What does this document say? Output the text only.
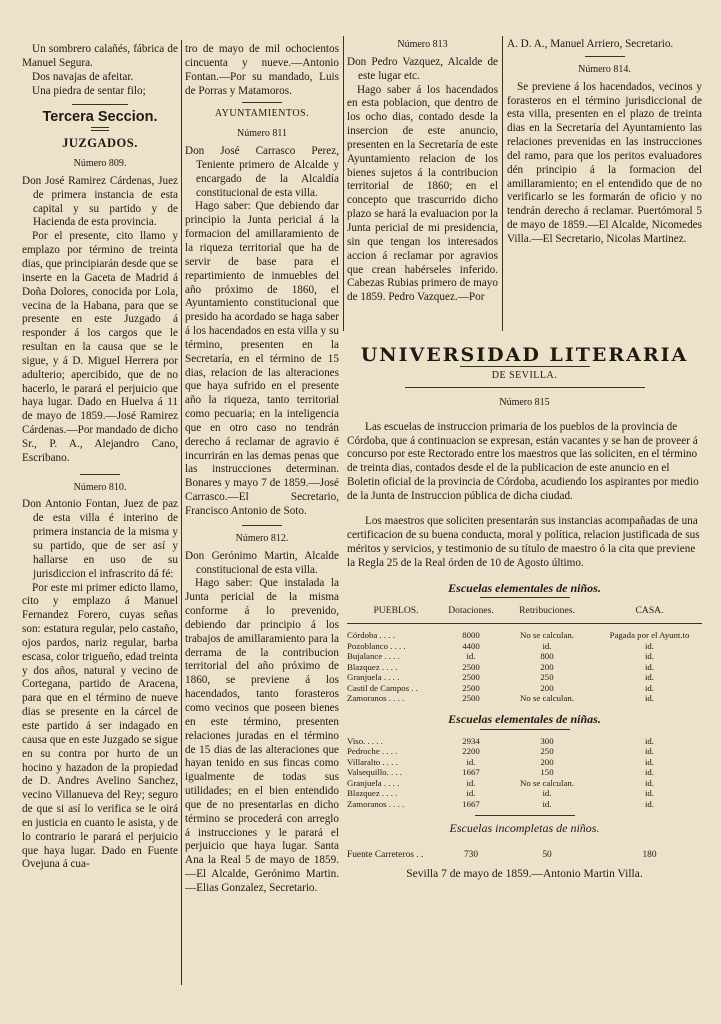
Un sombrero calañés, fábrica de Manuel Segura.

Dos navajas de afeitar.

Una piedra de sentar filo;

Tercera Seccion.
JUZGADOS.
Número 809.

Don José Ramirez Cárdenas, Juez de primera instancia de esta capital y su partido y de Hacienda de esta provincia.

Por el presente, cito llamo y emplazo por término de treinta dias, que principiarán desde que se inserte en la Gaceta de Madrid á Doña Dolores, conocida por Lola, vecina de la Habana, para que se presente en este Juzgado á responder á los cargos que le resultan en la causa que se le sigue, y á D. Miguel Herrera por adulterio; apercibido, que de no hacerlo, le parará el perjuicio que haya lugar. Dado en Huelva á 11 de mayo de 1859.—José Ramirez Cárdenas.—Por mandado de dicho Sr., P. A., Alejandro Cano, Escribano.

Número 810.

Don Antonio Fontan, Juez de paz de esta villa é interino de primera instancia de la misma y su partido, que de ser así y hallarse en uso de su jurisdiccion el infrascrito dá fé:

Por este mi primer edicto llamo, cito y emplazo á Manuel Fernandez Forero, cuyas señas son: estatura regular, pelo castaño, ojos pardos, nariz regular, barba escasa, color trigueño, edad treinta y dos años, natural y vecino de Cortegana, partido de Aracena, para que en el término de nueve dias se presente en la cárcel de este partido á ser indagado en causa que en este Juzgado se sigue en su contra por hurto de un hocino y hazadon de la propiedad de D. Andres Avelino Sanchez, vecino Villanueva del Rey; seguro de que si así lo verifica se le oirá en justicia en cuanto le asista, y de lo contrario le parará el perjuicio que haya lugar. Dado en Fuente Ovejuna á cua-

tro de mayo de mil ochocientos cincuenta y nueve.—Antonio Fontan.—Por su mandado, Luis de Porras y Matamoros.

AYUNTAMIENTOS.
Número 811

Don José Carrasco Perez, Teniente primero de Alcalde y encargado de la Alcaldía constitucional de esta villa.

Hago saber: Que debiendo dar principio la Junta pericial á la formacion del amillaramiento de la riqueza territorial que ha de servir de base para el repartimiento de inmuebles del año próximo de 1860, el Ayuntamiento constitucional que presido ha acordado se haga saber á los hacendados en esta villa y su término, presenten en la Secretaría, en el término de 15 dias, relacion de las alteraciones que haya sufrido en el presente año la riqueza, tanto territorial como pecuaria; en la inteligencia que en otro caso no tendrán derecho á reclamar de agravio é incurrirán en las demas penas que las instrucciones determinan. Bonares y mayo 7 de 1859.—José Carrasco.—El Secretario, Francisco Antonio de Soto.

Número 812.

Don Gerónimo Martin, Alcalde constitucional de esta villa.

Hago saber: Que instalada la Junta pericial de la misma conforme á lo prevenido, debiendo dar principio á los trabajos de amillaramiento para la derrama de la contribucion territorial del año próximo de 1860, se previene á los hacendados, tanto forasteros como vecinos que poseen bienes en este término, presenten relaciones juradas en el término de 15 dias de las alteraciones que hayan tenido en sus fincas como igualmente de todas sus utilidades; en el bien entendido que de no presentarlas en dicho término se procederá con arreglo á instrucciones y le parará el perjuicio que haya lugar. Santa Ana la Real 5 de mayo de 1859.—El Alcalde, Gerónimo Martin.—Elias Gonzalez, Secretario.

Número 813

Don Pedro Vazquez, Alcalde de este lugar etc.

Hago saber á los hacendados en esta poblacion, que dentro de los ocho dias, contado desde la insercion de este anuncio, presenten en la Secretaría de este Ayuntamiento relacion de los bienes sujetos á la contribucion territorial de 1860; en el concepto que trascurrido dicho plazo se hará la evaluacion por la Junta pericial de mi presidencia, sin que tengan los interesados accion á reclamar por agravios que crean habérseles inferido. Cabezas Rubias primero de mayo de 1859. Pedro Vazquez.—Por

A. D. A., Manuel Arriero, Secretario.

Número 814.

Se previene á los hacendados, vecinos y forasteros en el término jurisdiccional de esta villa, presenten en el plazo de treinta dias en la Secretaría del Ayuntamiento las relaciones prevenidas en las instrucciones del ramo, para que los peritos evaluadores dén principio á la formacion del amillaramiento; en el entendido que de no verificarlo se les formarán de oficio y no tendrán derecho á reclamar. Puertómoral 5 de mayo de 1859.—El Alcalde, Nicomedes Villa.—El Secretario, Nicolas Martinez.

UNIVERSIDAD LITERARIA
DE SEVILLA.
Número 815

Las escuelas de instruccion primaria de los pueblos de la provincia de Córdoba, que á continuacion se expresan, están vacantes y se han de proveer á concurso por este Rectorado entre los maestros que las soliciten, en el término de treinta dias, contados desde el de la publicacion de este anuncio en el Boletin oficial de la provincia de Córdoba, acudiendo los aspirantes por medio de la Junta de Instruccion pública de dicha ciudad.

Los maestros que soliciten presentarán sus instancias acompañadas de una certificacion de su buena conducta, moral y política, relacion justificada de sus méritos y servicios, y testimonio de su título de maestro ó la cita que previene la Regla 25 de la Real órden de 10 de Agosto último.

Escuelas elementales de niños.
PUEBLOS.	Dotaciones.	Retribuciones.	CASA.
Córdoba . . . .	8000	No se calculan.	Pagada por el Ayunt.to
Pozoblanco . . . .	4400	id.	id.
Bujalance . . . .	id.	800	id.
Blazquez . . . .	2500	200	id.
Granjuela . . . .	2500	250	id.
Castil de Campos . .	2500	200	id.
Zamoranos . . . .	2500	No se calculan.	id.
Escuelas elementales de niñas.
Viso. . . . .	2934	300	id.
Pedroche . . . .	2200	250	id.
Villaralto . . . .	id.	200	id.
Valsequillo. . . .	1667	150	id.
Granjuela . . . .	id.	No se calculan.	id.
Blazquez . . . .	id.	id.	id.
Zamoranos . . . .	1667	id.	id.
Escuelas incompletas de niños.
Fuente Carreteros . .	730	50	180
Sevilla 7 de mayo de 1859.—Antonio Martin Villa.
